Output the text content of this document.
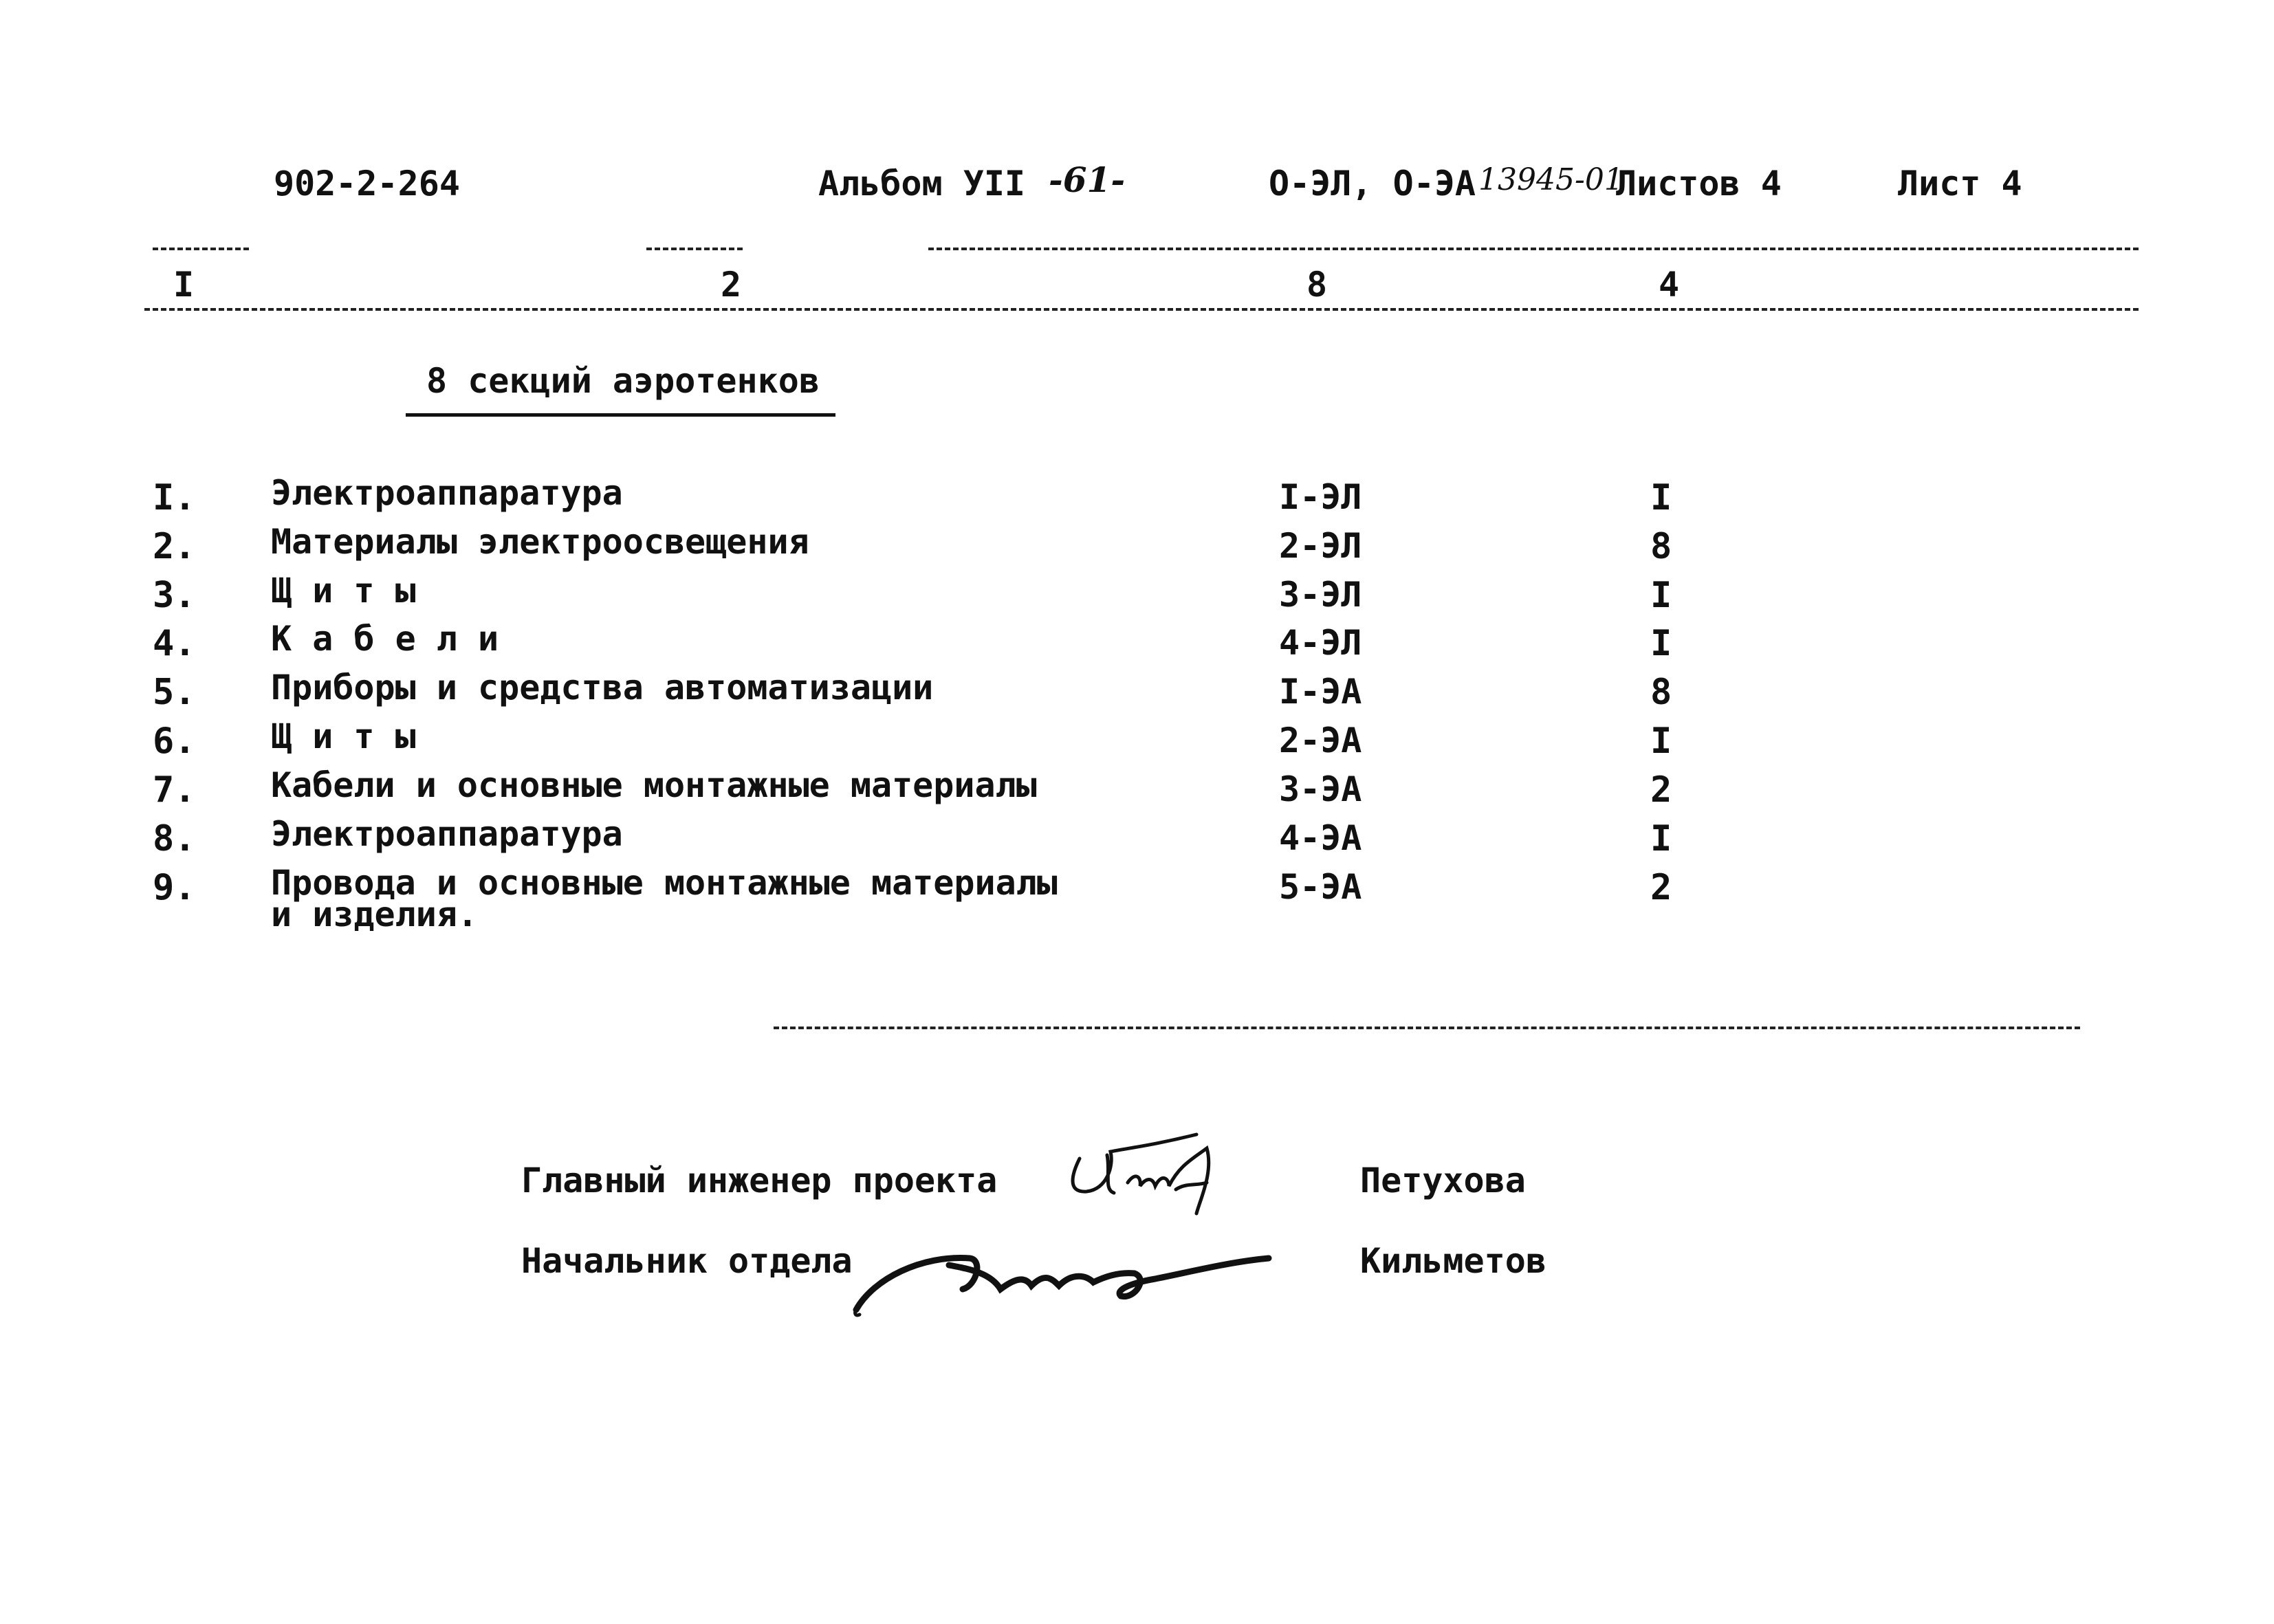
902-2-264	Альбом УII -61-	О-ЭЛ, О-ЭА 13945-01
Листов 4	Лист 4
I	2	8	4
8 секций аэротенков
I. Электроаппаратура	I-ЭЛ	I
2. Материалы электроосвещения	2-ЭЛ	8
3. Щ и т ы	3-ЭЛ	I
4. К а б е л и	4-ЭЛ	I
5. Приборы и средства автоматизации	I-ЭА	8
6. Щ и т ы	2-ЭА	I
7. Кабели и основные монтажные материалы	3-ЭА	2
8. Электроаппаратура	4-ЭА	I
9. Провода и основные монтажные материалы
и изделия.
5-ЭА	2
Главный инженер проекта	Петухова
Начальник отдела	Кильметов
